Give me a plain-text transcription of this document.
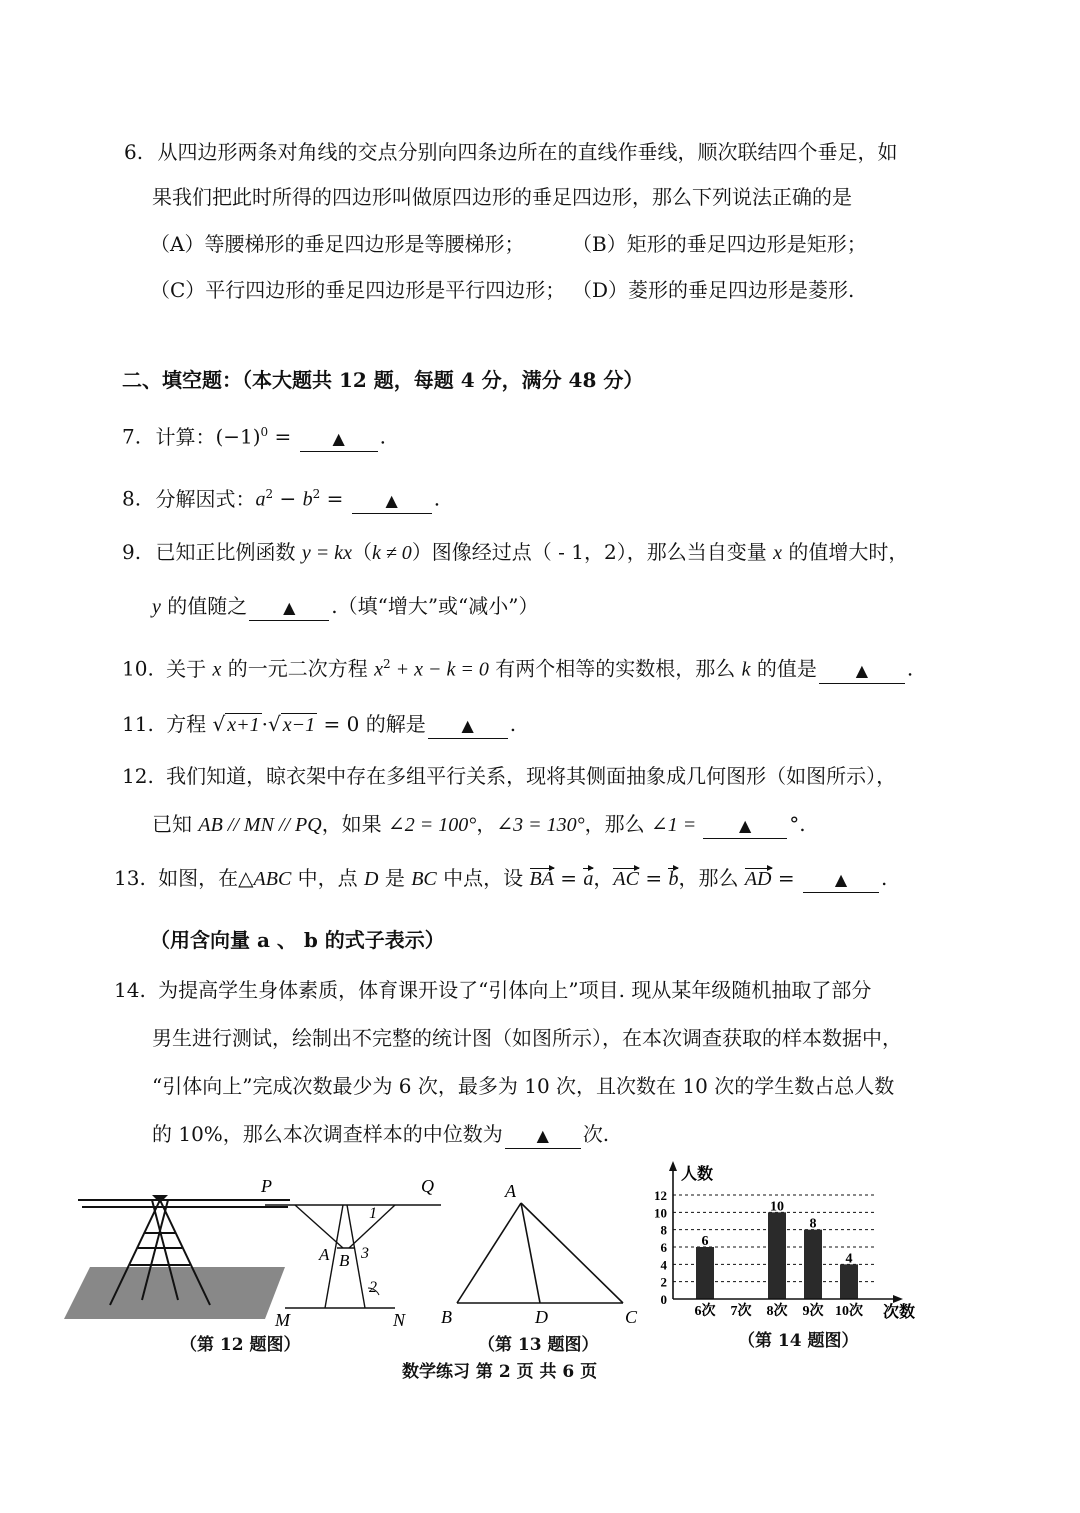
6. 从四边形两条对角线的交点分别向四条边所在的直线作垂线，顺次联结四个垂足，如
果我们把此时所得的四边形叫做原四边形的垂足四边形，那么下列说法正确的是
（A）等腰梯形的垂足四边形是等腰梯形； （B）矩形的垂足四边形是矩形；
（C）平行四边形的垂足四边形是平行四边形； （D）菱形的垂足四边形是菱形.
二、填空题：（本大题共 12 题，每题 4 分，满分 48 分）
7. 计算：$(-1)^0$ = ▲ .
8. 分解因式：$a^2 - b^2$ = ▲ .
9. 已知正比例函数 y = kx（k ≠ 0）图像经过点（ - 1，2），那么当自变量 x 的值增大时，
y 的值随之 ▲ .（填“增大”或“减小”）
10. 关于 x 的一元二次方程 $x^2 + x - k = 0$ 有两个相等的实数根，那么 k 的值是 ▲ .
11. 方程 √ x+1 ·√ x−1 = 0 的解是 ▲ .
12. 我们知道，晾衣架中存在多组平行关系，现将其侧面抽象成几何图形（如图所示），
已知 AB // MN // PQ，如果 ∠2 = 100°，∠3 = 130°，那么 ∠1 = ▲ °.
13. 如图，在△ABC 中，点 D 是 BC 中点，设 BA = a，AC = b，那么 AD = ▲ .
（用含向量 a 、 b 的式子表示）
14. 为提高学生身体素质，体育课开设了“引体向上”项目. 现从某年级随机抽取了部分
男生进行测试，绘制出不完整的统计图（如图所示），在本次调查获取的样本数据中，
“引体向上”完成次数最少为 6 次，最多为 10 次，且次数在 10 次的学生数占总人数
的 10%，那么本次调查样本的中位数为 ▲ 次.
P	Q
M	N
A B
1
3
2
（第 12 题图）
A
B	C
D
（第 13 题图）
人数
次数
0
2
4
6
8
10
12
6
10
8
4
6次 7次 8次 9次 10次
（第 14 题图）
数学练习 第 2 页 共 6 页
